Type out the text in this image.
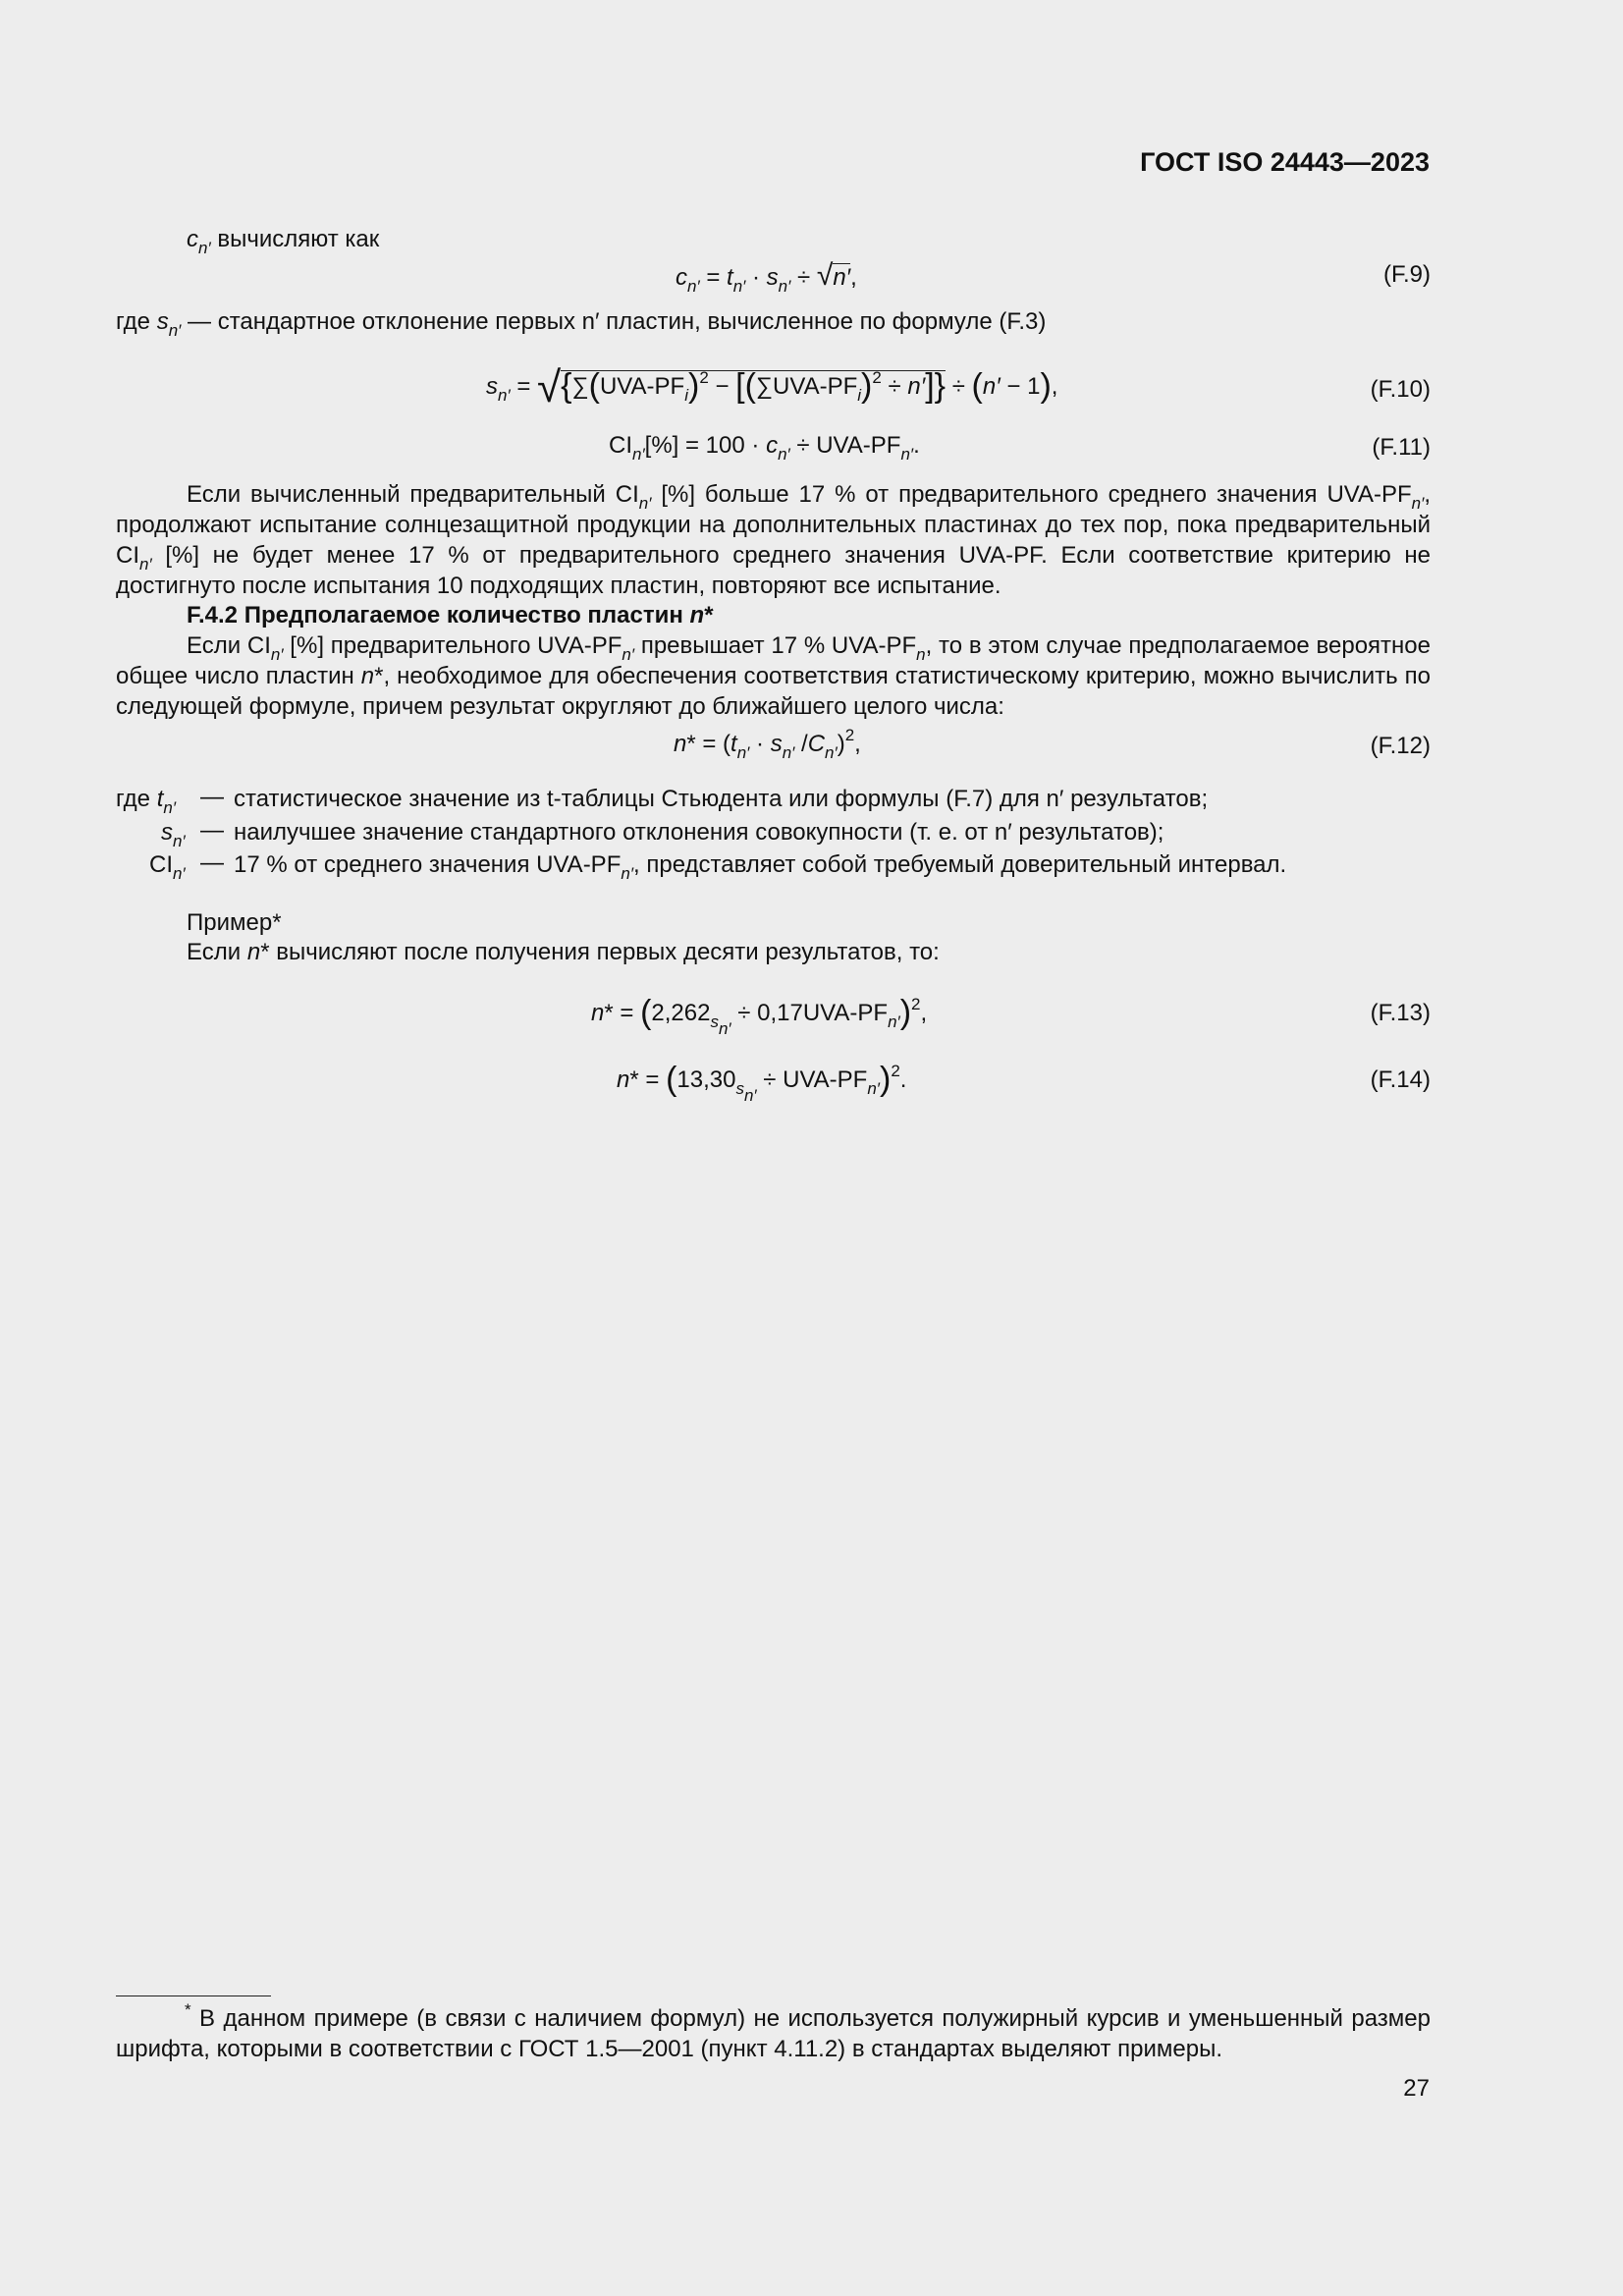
ГОСТ ISO 24443—2023
$c_{n'}$ вычисляют как
$c_{n'} = t_{n'} \cdot s_{n'} \div √n'$,	(F.9)
где $s_{n'}$ — стандартное отклонение первых n′ пластин, вычисленное по формуле (F.3)
$s_{n'} = √\{\sum(UVA-PF_i)^2 - [(\sum UVA-PF_i)^2 \div n']\} \div (n' - 1)$,	(F.10)
$CI_{n'}[\%] = 100 \cdot c_{n'} \div UVA-PF_{n'}$.	(F.11)
Если вычисленный предварительный $CI_{n'}$ [%] больше 17 % от предварительного среднего значения UVA-$PF_{n'}$, продолжают испытание солнцезащитной продукции на дополнительных пластинах до тех пор, пока предварительный $CI_{n'}$ [%] не будет менее 17 % от предварительного среднего значения UVA-PF. Если соответствие критерию не достигнуто после испытания 10 подходящих пластин, повторяют все испытание.
F.4.2 Предполагаемое количество пластин n*
Если $CI_{n'}$ [%] предварительного UVA-$PF_{n'}$ превышает 17 % UVA-$PF_n$, то в этом случае предполагаемое вероятное общее число пластин n*, необходимое для обеспечения соответствия статистическому критерию, можно вычислить по следующей формуле, причем результат округляют до ближайшего целого числа:
$n* = (t_{n'} \cdot s_{n'}$ $/C_{n'})^2$,	(F.12)
где $t_{n'}$ — статистическое значение из t-таблицы Стьюдента или формулы (F.7) для n′ результатов;
$s_{n'}$ — наилучшее значение стандартного отклонения совокупности (т. е. от n′ результатов);
$CI_{n'}$ — 17 % от среднего значения UVA-$PF_{n'}$, представляет собой требуемый доверительный интервал.
Пример*
Если n* вычисляют после получения первых десяти результатов, то:
$n* = (2,262_{s_{n'}} \div 0,17UVA-PF_{n'})^2$,	(F.13)
$n* = (13,30_{s_{n'}} \div UVA-PF_{n'})^2$.	(F.14)
* В данном примере (в связи с наличием формул) не используется полужирный курсив и уменьшенный размер шрифта, которыми в соответствии с ГОСТ 1.5—2001 (пункт 4.11.2) в стандартах выделяют примеры.
27
